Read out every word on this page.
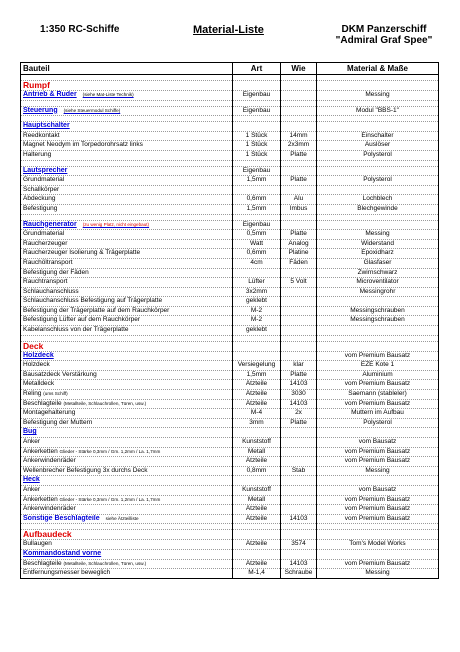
1:350 RC-Schiffe	Material-Liste	DKM Panzerschiff
"Admiral Graf Spee"
Bauteil	Art	Wie	Material & Maße

Rumpf			
Antrieb & Ruder (siehe Mat-Liste Technik)	Eigenbau		Messing

Steuerung (siehe Steuermodul Schiffe)	Eigenbau		Modul "BBS-1"

Hauptschalter			
Reedkontakt	1 Stück	14mm	Einschalter
Magnet Neodym im Torpedorohrsatz links	1 Stück	2x3mm	Auslöser
Halterung	1 Stück	Platte	Polysterol

Lautsprecher	Eigenbau		
Grundmaterial	1,5mm	Platte	Polysterol
Schallkörper			
Abdeckung	0,6mm	Alu	Lochblech
Befestigung	1,5mm	Imbus	Blechgewinde

Rauchgenerator (zu wenig Platz, nicht eingebaut)	Eigenbau		
Grundmaterial	0,5mm	Platte	Messing
Raucherzeuger	Watt	Analog	Widerstand
Raucherzeuger Isolierung & Trägerplatte	0,6mm	Platine	Epoxidharz
Rauchöltransport	4cm	Fäden	Glasfaser
Befestigung der Fäden			Zwirnschwarz
Rauchtransport	Lüfter	5 Volt	Microventilator
Schlauchanschluss	3x2mm		Messingrohr
Schlauchanschluss Befestigung auf Trägerplatte	geklebt		
Befestigung der Trägerplatte auf dem Rauchkörper	M-2		Messingschrauben
Befestigung Lüfter auf dem Rauchkörper	M-2		Messingschrauben
Kabelanschluss von der Trägerplatte	geklebt		

Deck			
Holzdeck			vom Premium Bausatz
Holzdeck	Versiegelung	klar	EZE Kote 1
Bausatzdeck Verstärkung	1,5mm	Platte	Aluminium
Metalldeck	Ätzteile	14103	vom Premium Bausatz
Reling (ums Schiff)	Ätzteile	3030	Saemann (stableler)
Beschlagteile (Metallteile, Schlauchrollen, Türen, usw.)	Ätzteile	14103	vom Premium Bausatz
Montagehalterung	M-4	2x	Muttern im Aufbau
Befestigung der Muttern	3mm	Platte	Polysterol
Bug			
Anker	Kunststoff		vom Bausatz
Ankerketten Glieder - Stärke 0,3mm / Gm. 1,2mm / La. 1,7mm	Metall		vom Premium Bausatz
Ankerwindenräder	Ätzteile		vom Premium Bausatz
Wellenbrecher Befestigung 3x durchs Deck	0,8mm	Stab	Messing
Heck			
Anker	Kunststoff		vom Bausatz
Ankerketten Glieder - Stärke 0,3mm / Gm. 1,2mm / La. 1,7mm	Metall		vom Premium Bausatz
Ankerwindenräder	Ätzteile		vom Premium Bausatz
Sonstige Beschlagteile siehe Ätzteilliste	Ätzteile	14103	vom Premium Bausatz

Aufbaudeck			
Bullaugen	Ätzteile	3574	Tom's Model Works
Kommandostand vorne			
Beschlagteile (Metallteile, Schlauchrollen, Türen, usw.)	Ätzteile	14103	vom Premium Bausatz
Entfernungsmesser beweglich	M-1,4	Schraube	Messing
